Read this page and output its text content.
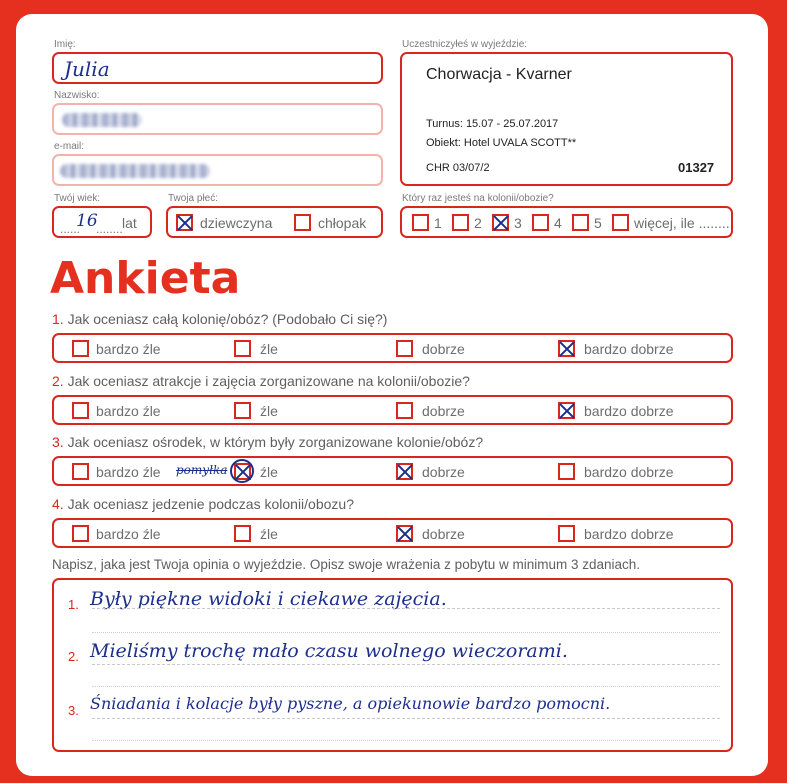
Imię:
Julia
Nazwisko:
e-mail:
Twój wiek:
......
16
........ lat
Twoja płeć:
dziewczyna	chłopak
Uczestniczyłeś w wyjeździe:
Chorwacja - Kvarner
Turnus: 15.07 - 25.07.2017
Obiekt: Hotel UVALA SCOTT**
CHR 03/07/2	01327
Który raz jesteś na kolonii/obozie?
1 2 3 4 5 więcej, ile ........
Ankieta
1. Jak oceniasz całą kolonię/obóz? (Podobało Ci się?)
bardzo źle	źle	dobrze	bardzo dobrze
2. Jak oceniasz atrakcje i zajęcia zorganizowane na kolonii/obozie?
bardzo źle	źle	dobrze	bardzo dobrze
3. Jak oceniasz ośrodek, w którym były zorganizowane kolonie/obóz?
bardzo źle pomyłka źle	dobrze	bardzo dobrze
4. Jak oceniasz jedzenie podczas kolonii/obozu?
bardzo źle	źle	dobrze	bardzo dobrze
Napisz, jaka jest Twoja opinia o wyjeździe. Opisz swoje wrażenia z pobytu w minimum 3 zdaniach.
1. Były piękne widoki i ciekawe zajęcia.
2. Mieliśmy trochę mało czasu wolnego wieczorami.
3. Śniadania i kolacje były pyszne, a opiekunowie bardzo pomocni.
